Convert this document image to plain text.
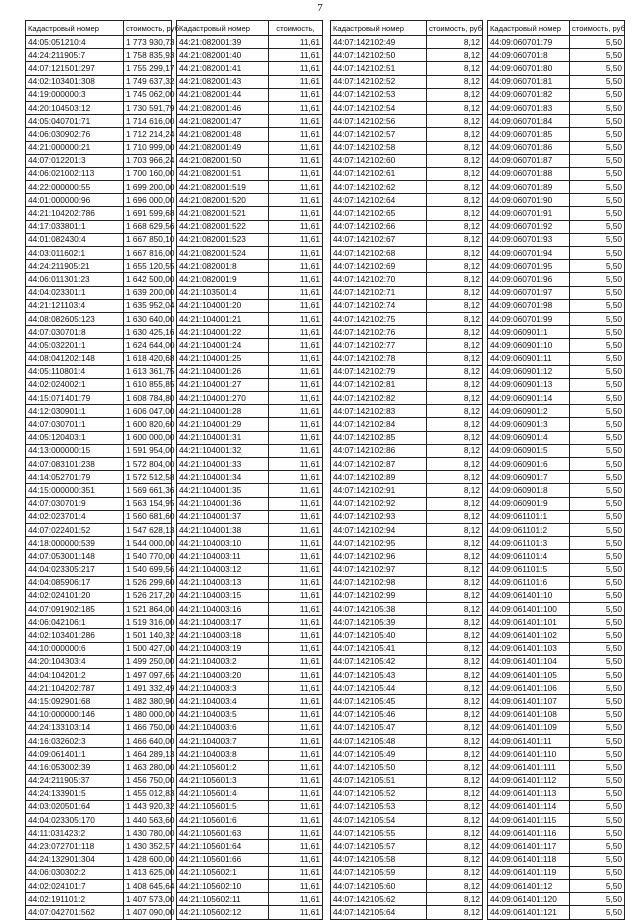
7
Кадастровый номер	стоимость, руб
44:05:051210:4	1 773 930,73
44:24:211905:7	1 758 835,93
44:07:121501:297	1 755 299,17
44:02:103401:308	1 749 637,32
44:19:000000:3	1 745 062,00
44:20:104503:12	1 730 591,79
44:05:040701:71	1 714 616,00
44:06:030902:76	1 712 214,24
44:21:000000:21	1 710 999,00
44:07:012201:3	1 703 966,24
44:06:021002:113	1 700 160,00
44:22:000000:55	1 699 200,00
44:01:000000:96	1 696 000,00
44:21:104202:786	1 691 599,68
44:17:033801:1	1 668 629,56
44:01:082430:4	1 667 850,10
44:03:011602:1	1 667 816,00
44:24:211905:21	1 655 120,55
44:06:011301:23	1 642 500,00
44:04:023301:1	1 639 200,00
44:21:121103:4	1 635 952,04
44:08:082605:123	1 630 640,00
44:07:030701:8	1 630 425,16
44:05:032201:1	1 624 644,00
44:08:041202:148	1 618 420,68
44:05:110801:4	1 613 361,75
44:02:024002:1	1 610 855,85
44:15:071401:79	1 608 784,80
44:12:030901:1	1 606 047,00
44:07:030701:1	1 600 820,60
44:05:120403:1	1 600 000,00
44:13:000000:15	1 591 954,00
44:07:083101:238	1 572 804,00
44:14:052701:79	1 572 512,58
44:15:000000:351	1 569 661,36
44:07:030701:9	1 563 154,95
44:02:023701:4	1 560 681,60
44:07:022401:52	1 547 628,13
44:18:000000:539	1 544 000,00
44:07:053001:148	1 540 770,00
44:04:023305:217	1 540 699,56
44:04:085906:17	1 526 299,60
44:02:024101:20	1 526 217,20
44:07:091902:185	1 521 864,00
44:06:042106:1	1 519 316,00
44:02:103401:286	1 501 140,32
44:10:000000:6	1 500 427,00
44:20:104303:4	1 499 250,00
44:04:104201:2	1 497 097,65
44:21:104202:787	1 491 332,49
44:15:092901:68	1 482 380,90
44:10:000000:146	1 480 000,00
44:24:133103:14	1 466 750,00
44:16:032602:3	1 466 640,00
44:09:061401:1	1 464 289,13
44:16:053002:39	1 463 280,00
44:24:211905:37	1 456 750,00
44:24:133901:5	1 455 012,83
44:03:020501:64	1 443 920,32
44:04:023305:170	1 440 563,60
44:11:031423:2	1 430 780,00
44:23:072701:118	1 430 352,57
44:24:132901:304	1 428 600,00
44:06:030302:2	1 413 625,00
44:02:024101:7	1 408 645,64
44:02:191101:2	1 407 573,00
44:07:042701:562	1 407 090,00
Кадастровый номер	стоимость,
44:21:082001:39	11,61
44:21:082001:40	11,61
44:21:082001:41	11,61
44:21:082001:43	11,61
44:21:082001:44	11,61
44:21:082001:46	11,61
44:21:082001:47	11,61
44:21:082001:48	11,61
44:21:082001:49	11,61
44:21:082001:50	11,61
44:21:082001:51	11,61
44:21:082001:519	11,61
44:21:082001:520	11,61
44:21:082001:521	11,61
44:21:082001:522	11,61
44:21:082001:523	11,61
44:21:082001:524	11,61
44:21:082001:8	11,61
44:21:082001:9	11,61
44:21:103501:4	11,61
44:21:104001:20	11,61
44:21:104001:21	11,61
44:21:104001:22	11,61
44:21:104001:24	11,61
44:21:104001:25	11,61
44:21:104001:26	11,61
44:21:104001:27	11,61
44:21:104001:270	11,61
44:21:104001:28	11,61
44:21:104001:29	11,61
44:21:104001:31	11,61
44:21:104001:32	11,61
44:21:104001:33	11,61
44:21:104001:34	11,61
44:21:104001:35	11,61
44:21:104001:36	11,61
44:21:104001:37	11,61
44:21:104001:38	11,61
44:21:104003:10	11,61
44:21:104003:11	11,61
44:21:104003:12	11,61
44:21:104003:13	11,61
44:21:104003:15	11,61
44:21:104003:16	11,61
44:21:104003:17	11,61
44:21:104003:18	11,61
44:21:104003:19	11,61
44:21:104003:2	11,61
44:21:104003:20	11,61
44:21:104003:3	11,61
44:21:104003:4	11,61
44:21:104003:5	11,61
44:21:104003:6	11,61
44:21:104003:7	11,61
44:21:104003:8	11,61
44:21:105601:2	11,61
44:21:105601:3	11,61
44:21:105601:4	11,61
44:21:105601:5	11,61
44:21:105601:6	11,61
44:21:105601:63	11,61
44:21:105601:64	11,61
44:21:105601:66	11,61
44:21:105602:1	11,61
44:21:105602:10	11,61
44:21:105602:11	11,61
44:21:105602:12	11,61
Кадастровый номер	стоимость, руб
44:07:142102:49	8,12
44:07:142102:50	8,12
44:07:142102:51	8,12
44:07:142102:52	8,12
44:07:142102:53	8,12
44:07:142102:54	8,12
44:07:142102:56	8,12
44:07:142102:57	8,12
44:07:142102:58	8,12
44:07:142102:60	8,12
44:07:142102:61	8,12
44:07:142102:62	8,12
44:07:142102:64	8,12
44:07:142102:65	8,12
44:07:142102:66	8,12
44:07:142102:67	8,12
44:07:142102:68	8,12
44:07:142102:69	8,12
44:07:142102:70	8,12
44:07:142102:71	8,12
44:07:142102:74	8,12
44:07:142102:75	8,12
44:07:142102:76	8,12
44:07:142102:77	8,12
44:07:142102:78	8,12
44:07:142102:79	8,12
44:07:142102:81	8,12
44:07:142102:82	8,12
44:07:142102:83	8,12
44:07:142102:84	8,12
44:07:142102:85	8,12
44:07:142102:86	8,12
44:07:142102:87	8,12
44:07:142102:89	8,12
44:07:142102:91	8,12
44:07:142102:92	8,12
44:07:142102:93	8,12
44:07:142102:94	8,12
44:07:142102:95	8,12
44:07:142102:96	8,12
44:07:142102:97	8,12
44:07:142102:98	8,12
44:07:142102:99	8,12
44:07:142105:38	8,12
44:07:142105:39	8,12
44:07:142105:40	8,12
44:07:142105:41	8,12
44:07:142105:42	8,12
44:07:142105:43	8,12
44:07:142105:44	8,12
44:07:142105:45	8,12
44:07:142105:46	8,12
44:07:142105:47	8,12
44:07:142105:48	8,12
44:07:142105:49	8,12
44:07:142105:50	8,12
44:07:142105:51	8,12
44:07:142105:52	8,12
44:07:142105:53	8,12
44:07:142105:54	8,12
44:07:142105:55	8,12
44:07:142105:57	8,12
44:07:142105:58	8,12
44:07:142105:59	8,12
44:07:142105:60	8,12
44:07:142105:62	8,12
44:07:142105:64	8,12
Кадастровый номер	стоимость, руб
44:09:060701:79	5,50
44:09:060701:8	5,50
44:09:060701:80	5,50
44:09:060701:81	5,50
44:09:060701:82	5,50
44:09:060701:83	5,50
44:09:060701:84	5,50
44:09:060701:85	5,50
44:09:060701:86	5,50
44:09:060701:87	5,50
44:09:060701:88	5,50
44:09:060701:89	5,50
44:09:060701:90	5,50
44:09:060701:91	5,50
44:09:060701:92	5,50
44:09:060701:93	5,50
44:09:060701:94	5,50
44:09:060701:95	5,50
44:09:060701:96	5,50
44:09:060701:97	5,50
44:09:060701:98	5,50
44:09:060701:99	5,50
44:09:060901:1	5,50
44:09:060901:10	5,50
44:09:060901:11	5,50
44:09:060901:12	5,50
44:09:060901:13	5,50
44:09:060901:14	5,50
44:09:060901:2	5,50
44:09:060901:3	5,50
44:09:060901:4	5,50
44:09:060901:5	5,50
44:09:060901:6	5,50
44:09:060901:7	5,50
44:09:060901:8	5,50
44:09:060901:9	5,50
44:09:061101:1	5,50
44:09:061101:2	5,50
44:09:061101:3	5,50
44:09:061101:4	5,50
44:09:061101:5	5,50
44:09:061101:6	5,50
44:09:061401:10	5,50
44:09:061401:100	5,50
44:09:061401:101	5,50
44:09:061401:102	5,50
44:09:061401:103	5,50
44:09:061401:104	5,50
44:09:061401:105	5,50
44:09:061401:106	5,50
44:09:061401:107	5,50
44:09:061401:108	5,50
44:09:061401:109	5,50
44:09:061401:11	5,50
44:09:061401:110	5,50
44:09:061401:111	5,50
44:09:061401:112	5,50
44:09:061401:113	5,50
44:09:061401:114	5,50
44:09:061401:115	5,50
44:09:061401:116	5,50
44:09:061401:117	5,50
44:09:061401:118	5,50
44:09:061401:119	5,50
44:09:061401:12	5,50
44:09:061401:120	5,50
44:09:061401:121	5,50
